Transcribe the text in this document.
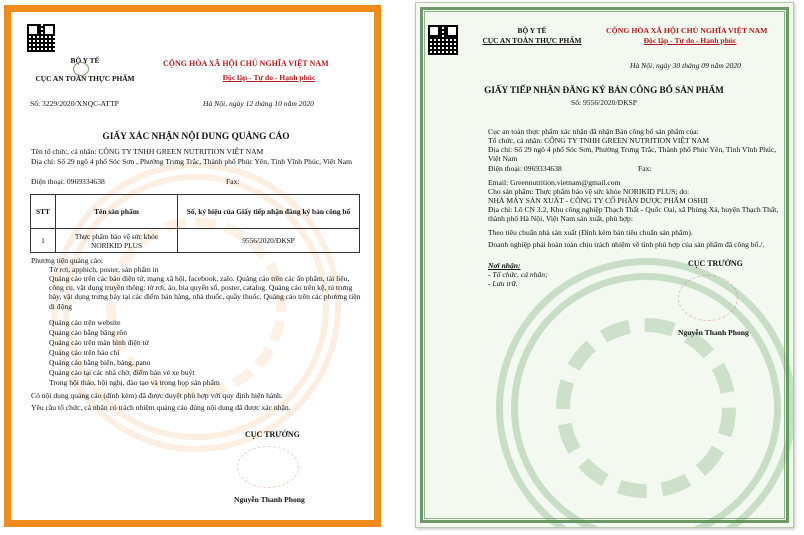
BỘ Y TẾ
CỤC AN TOÀN THỰC PHẨM
CỘNG HÒA XÃ HỘI CHỦ NGHĨA VIỆT NAM
Độc lập - Tự do - Hạnh phúc
Số: 3229/2020/XNQC-ATTP	Hà Nội, ngày 12 tháng 10 năm 2020
GIẤY XÁC NHẬN NỘI DUNG QUẢNG CÁO
Tên tổ chức, cá nhân: CÔNG TY TNHH GREEN NUTRITION VIỆT NAM
Địa chỉ: Số 29 ngõ 4 phố Sóc Sơn , Phường Trưng Trắc, Thành phố Phúc Yên, Tỉnh Vĩnh Phúc, Việt Nam
Điện thoại: 0969334638	Fax:
STT	Tên sản phẩm	Số, ký hiệu của Giấy tiếp nhận đăng ký bản công bố
1	Thực phẩm bảo vệ sức khỏe NORIKID PLUS	9556/2020/ĐKSP
Phương tiện quảng cáo:
Tờ rơi, apphich, poster, sản phẩm in
Quảng cáo trên các báo điện tử, mạng xã hội, facebook, zalo. Quảng cáo trên các ấn phẩm, tài liệu, công cụ, vật dụng truyền thông: tờ rơi, áo, bìa quyển sổ, poster, catalog. Quảng cáo trên kệ, tủ trưng bày, vật dụng trưng bày tại các điểm bán hàng, nhà thuốc, quầy thuốc. Quảng cáo trên các phương tiện di động
Quảng cáo trên website
Quảng cáo bằng băng rôn
Quảng cáo trên màn hình điện tử
Quảng cáo trên báo chí
Quảng cáo bằng biển, bảng, pano
Quảng cáo tại các nhà chờ, điểm bán vé xe buýt
Trong hội thảo, hội nghị, đào tạo và trong họp sản phẩm
Có nội dung quảng cáo (đính kèm) đã được duyệt phù hợp với quy định hiện hành.
Yêu cầu tổ chức, cá nhân có trách nhiệm quảng cáo đúng nội dung đã được xác nhận.
CỤC TRƯỞNG
Nguyễn Thanh Phong
BỘ Y TẾ
CỤC AN TOÀN THỰC PHẨM
CỘNG HÒA XÃ HỘI CHỦ NGHĨA VIỆT NAM
Độc lập - Tự do - Hạnh phúc
Hà Nội, ngày 30 tháng 09 năm 2020
GIẤY TIẾP NHẬN ĐĂNG KÝ BẢN CÔNG BỐ SẢN PHẨM
Số: 9556/2020/ĐKSP
Cục an toàn thực phẩm xác nhận đã nhận Bản công bố sản phẩm của:
Tổ chức, cá nhân: CÔNG TY TNHH GREEN NUTRITION VIỆT NAM
Địa chỉ: Số 29 ngõ 4 phố Sóc Sơn, Phường Trưng Trắc, Thành phố Phúc Yên, Tỉnh Vĩnh Phúc, Việt Nam
Điện thoại: 0969334638	Fax:
Email: Greennutrition.vietnam@gmail.com
Cho sản phẩm: Thực phẩm bảo vệ sức khỏe NORIKID PLUS; do:
NHÀ MÁY SẢN XUẤT - CÔNG TY CỔ PHẦN DƯỢC PHẨM OSHII
Địa chỉ: Lô CN 3.2, Khu công nghiệp Thạch Thất - Quốc Oai, xã Phùng Xá, huyện Thạch Thất, thành phố Hà Nội, Việt Nam sản xuất, phù hợp:
Theo tiêu chuẩn nhà sản xuất (Đính kèm bản tiêu chuẩn sản phẩm).
Doanh nghiệp phải hoàn toàn chịu trách nhiệm về tính phù hợp của sản phẩm đã công bố./.
Nơi nhận:
- Tổ chức, cá nhân;
- Lưu trữ.
CỤC TRƯỞNG
Nguyễn Thanh Phong
